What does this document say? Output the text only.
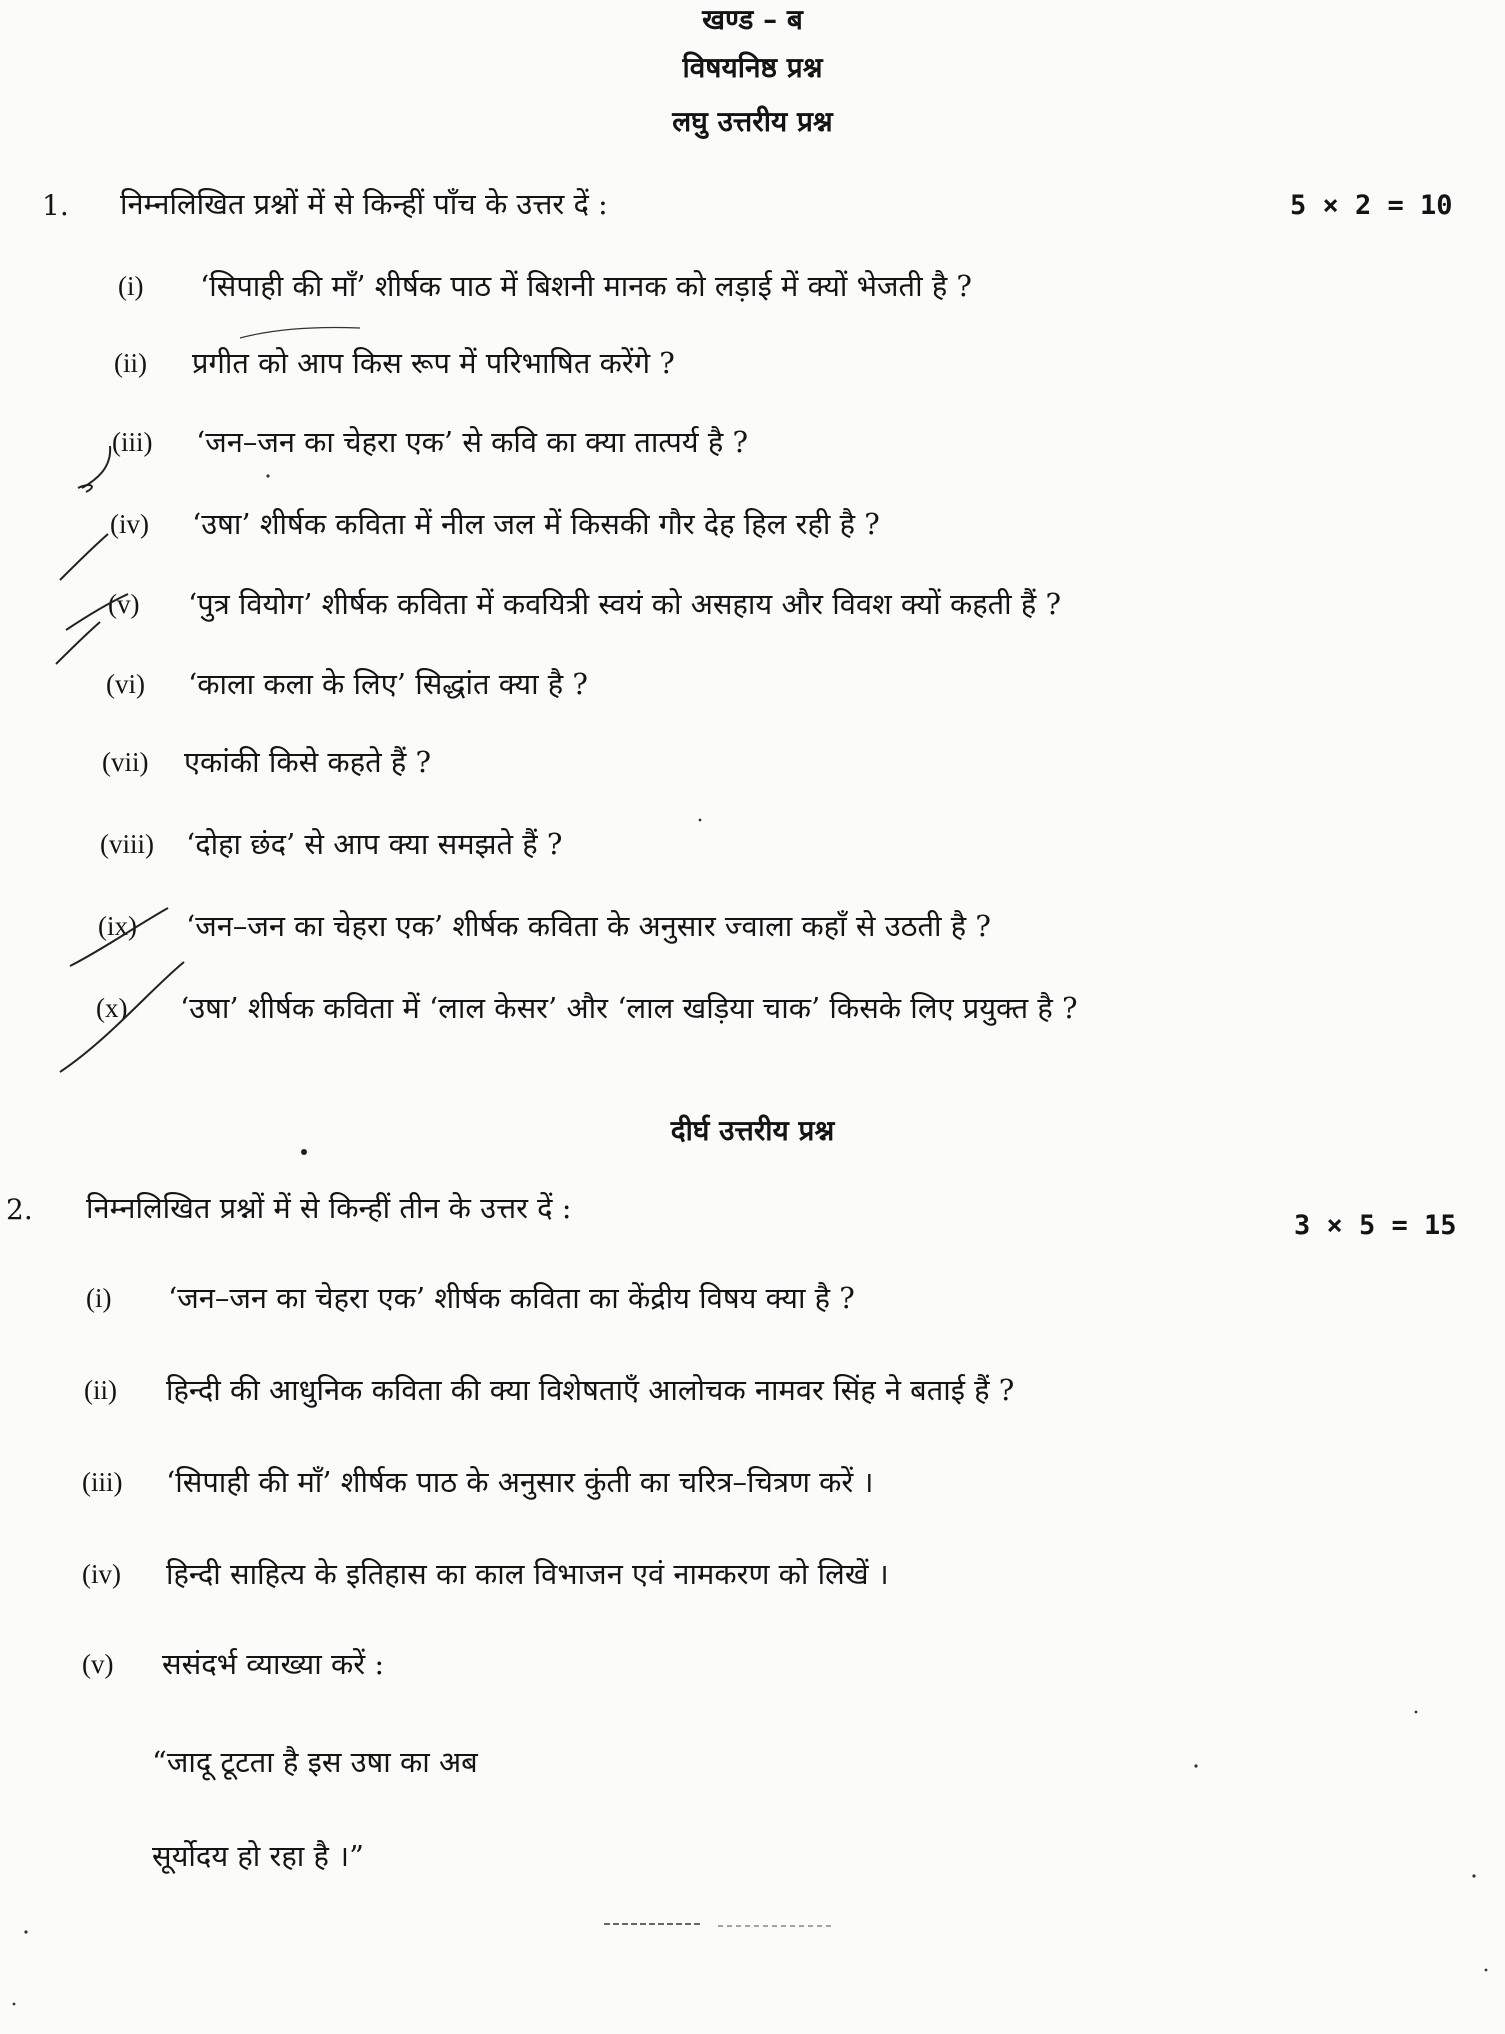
खण्ड – ब
विषयनिष्ठ प्रश्न
लघु उत्तरीय प्रश्न
1. निम्नलिखित प्रश्नों में से किन्हीं पाँच के उत्तर दें :	5 × 2 = 10
(i) ‘सिपाही की माँ’ शीर्षक पाठ में बिशनी मानक को लड़ाई में क्यों भेजती है ?
(ii) प्रगीत को आप किस रूप में परिभाषित करेंगे ?
(iii) ‘जन–जन का चेहरा एक’ से कवि का क्या तात्पर्य है ?
(iv) ‘उषा’ शीर्षक कविता में नील जल में किसकी गौर देह हिल रही है ?
(v) ‘पुत्र वियोग’ शीर्षक कविता में कवयित्री स्वयं को असहाय और विवश क्यों कहती हैं ?
(vi) ‘काला कला के लिए’ सिद्धांत क्या है ?
(vii) एकांकी किसे कहते हैं ?
(viii) ‘दोहा छंद’ से आप क्या समझते हैं ?
(ix) ‘जन–जन का चेहरा एक’ शीर्षक कविता के अनुसार ज्वाला कहाँ से उठती है ?
(x) ‘उषा’ शीर्षक कविता में ‘लाल केसर’ और ‘लाल खड़िया चाक’ किसके लिए प्रयुक्त है ?
दीर्घ उत्तरीय प्रश्न
2. निम्नलिखित प्रश्नों में से किन्हीं तीन के उत्तर दें :
3 × 5 = 15
(i) ‘जन–जन का चेहरा एक’ शीर्षक कविता का केंद्रीय विषय क्या है ?
(ii) हिन्दी की आधुनिक कविता की क्या विशेषताएँ आलोचक नामवर सिंह ने बताई हैं ?
(iii) ‘सिपाही की माँ’ शीर्षक पाठ के अनुसार कुंती का चरित्र–चित्रण करें ।
(iv) हिन्दी साहित्य के इतिहास का काल विभाजन एवं नामकरण को लिखें ।
(v) ससंदर्भ व्याख्या करें :
“जादू टूटता है इस उषा का अब
सूर्योदय हो रहा है ।”
